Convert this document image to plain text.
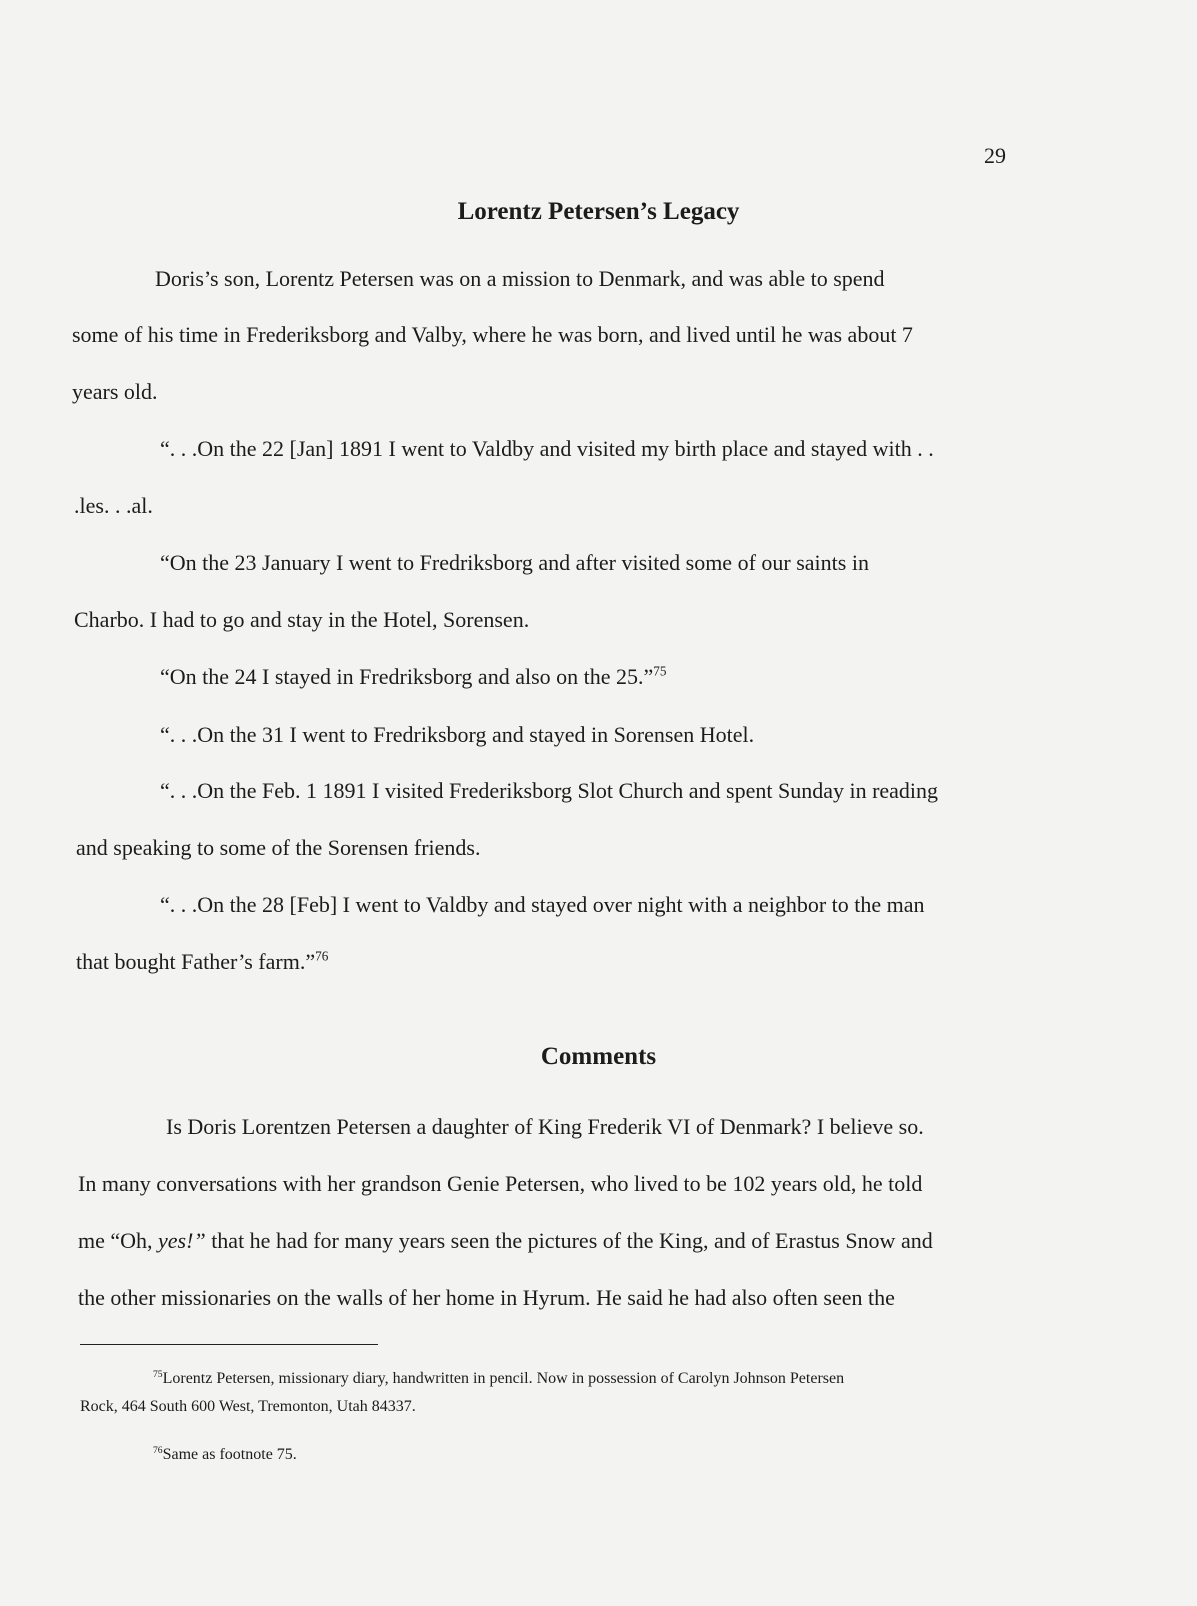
29
Lorentz Petersen’s Legacy

Doris’s son, Lorentz Petersen was on a mission to Denmark, and was able to spend

some of his time in Frederiksborg and Valby, where he was born, and lived until he was about 7

years old.

“. . .On the 22 [Jan] 1891 I went to Valdby and visited my birth place and stayed with . .

.les. . .al.

“On the 23 January I went to Fredriksborg and after visited some of our saints in

Charbo. I had to go and stay in the Hotel, Sorensen.

“On the 24 I stayed in Fredriksborg and also on the 25.”$^{75}$

“. . .On the 31 I went to Fredriksborg and stayed in Sorensen Hotel.

“. . .On the Feb. 1 1891 I visited Frederiksborg Slot Church and spent Sunday in reading

and speaking to some of the Sorensen friends.

“. . .On the 28 [Feb] I went to Valdby and stayed over night with a neighbor to the man

that bought Father’s farm.”$^{76}$

Comments

Is Doris Lorentzen Petersen a daughter of King Frederik VI of Denmark? I believe so.

In many conversations with her grandson Genie Petersen, who lived to be 102 years old, he told

me “Oh, yes!” that he had for many years seen the pictures of the King, and of Erastus Snow and

the other missionaries on the walls of her home in Hyrum. He said he had also often seen the

$^{75}$Lorentz Petersen, missionary diary, handwritten in pencil. Now in possession of Carolyn Johnson Petersen

Rock, 464 South 600 West, Tremonton, Utah 84337.

$^{76}$Same as footnote 75.
